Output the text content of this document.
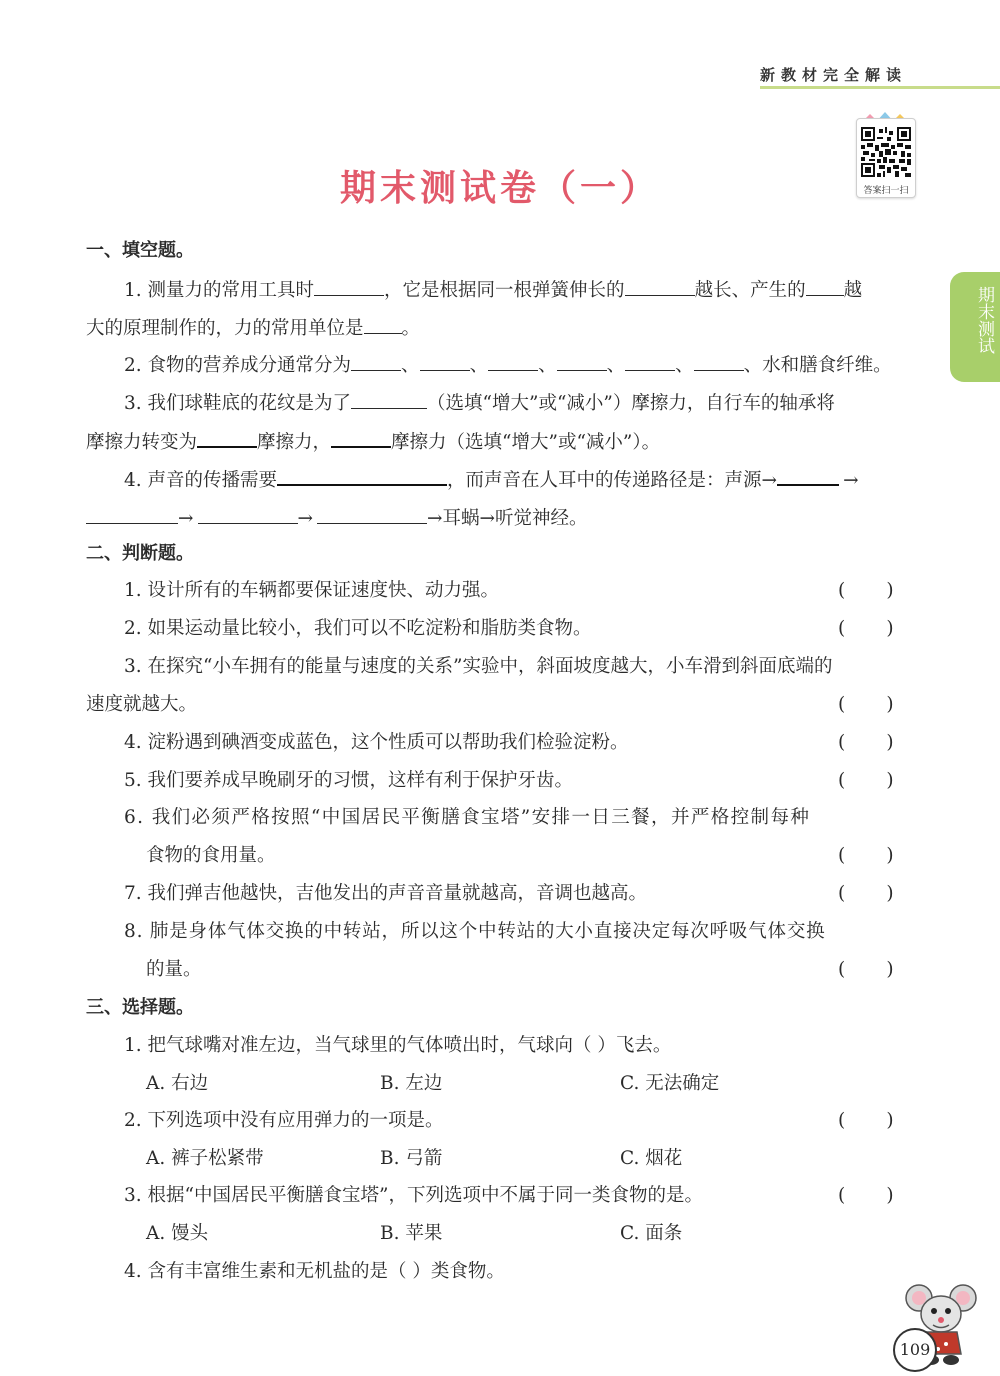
新教材完全解读
答案扫一扫
期末测试卷（一）
期末测试
一、填空题。
1. 测量力的常用工具时	，它是根据同一根弹簧伸长的	越长、产生的 越
大的原理制作的，力的常用单位是 。
2. 食物的营养成分通常分为	、	、	、	、	、	、水和膳食纤维。
3. 我们球鞋底的花纹是为了	（选填“增大”或“减小”）摩擦力，自行车的轴承将
摩擦力转变为	摩擦力，	摩擦力（选填“增大”或“减小”）。
4. 声音的传播需要	，而声音在人耳中的传递路径是：声源→	→
→	→	→耳蜗→听觉神经。
二、判断题。
1. 设计所有的车辆都要保证速度快、动力强。	(       )
2. 如果运动量比较小，我们可以不吃淀粉和脂肪类食物。	(       )
3. 在探究“小车拥有的能量与速度的关系”实验中，斜面坡度越大，小车滑到斜面底端的
速度就越大。	(       )
4. 淀粉遇到碘酒变成蓝色，这个性质可以帮助我们检验淀粉。	(       )
5. 我们要养成早晚刷牙的习惯，这样有利于保护牙齿。	(       )
6. 我们必须严格按照“中国居民平衡膳食宝塔”安排一日三餐，并严格控制每种
食物的食用量。	(       )
7. 我们弹吉他越快，吉他发出的声音音量就越高，音调也越高。	(       )
8. 肺是身体气体交换的中转站，所以这个中转站的大小直接决定每次呼吸气体交换
的量。	(       )
三、选择题。
1. 把气球嘴对准左边，当气球里的气体喷出时，气球向（ ）飞去。
A. 右边	B. 左边	C. 无法确定
2. 下列选项中没有应用弹力的一项是。	(       )
A. 裤子松紧带	B. 弓箭	C. 烟花
3. 根据“中国居民平衡膳食宝塔”，下列选项中不属于同一类食物的是。	(       )
A. 馒头	B. 苹果	C. 面条
4. 含有丰富维生素和无机盐的是（ ）类食物。
109
